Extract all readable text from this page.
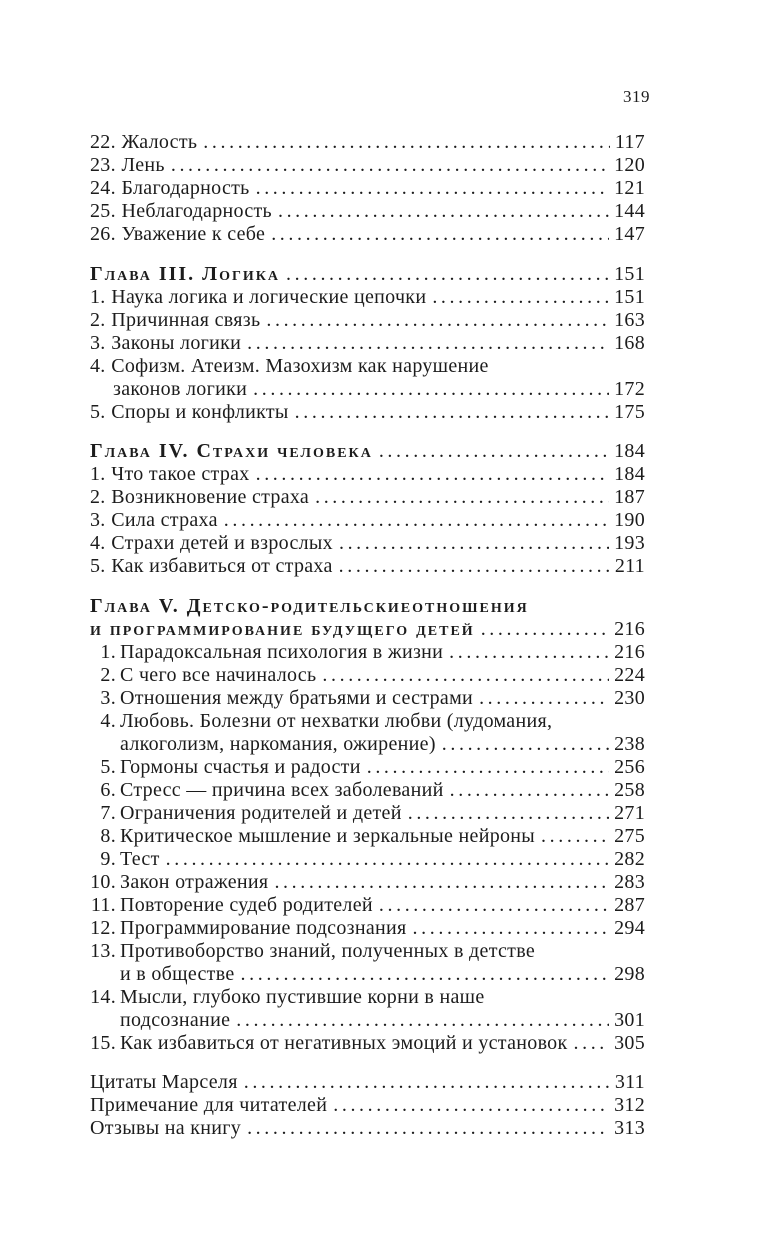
319
22. Жалость .....	117
23. Лень .....	120
24. Благодарность .....	121
25. Неблагодарность .....	144
26. Уважение к себе .....	147
Глава III. Логика .....	151
1. Наука логика и логические цепочки .....	151
2. Причинная связь .....	163
3. Законы логики .....	168
4. Софизм. Атеизм. Мазохизм как нарушение
законов логики .....	172
5. Споры и конфликты .....	175
Глава IV. Страхи человека .....	184
1. Что такое страх .....	184
2. Возникновение страха .....	187
3. Сила страха .....	190
4. Страхи детей и взрослых .....	193
5. Как избавиться от страха .....	211
Глава V. Детско-родительскиеотношения
и программирование будущего детей .....	216
1. Парадоксальная психология в жизни .....	216
2. С чего все начиналось .....	224
3. Отношения между братьями и сестрами .....	230
4. Любовь. Болезни от нехватки любви (лудомания,
алкоголизм, наркомания, ожирение) .....	238
5. Гормоны счастья и радости .....	256
6. Стресс — причина всех заболеваний .....	258
7. Ограничения родителей и детей .....	271
8. Критическое мышление и зеркальные нейроны .....	275
9. Тест .....	282
10. Закон отражения .....	283
11. Повторение судеб родителей .....	287
12. Программирование подсознания .....	294
13. Противоборство знаний, полученных в детстве
и в обществе .....	298
14. Мысли, глубоко пустившие корни в наше
подсознание .....	301
15. Как избавиться от негативных эмоций и установок ..... 305
Цитаты Марселя .....	311
Примечание для читателей .....	312
Отзывы на книгу .....	313
